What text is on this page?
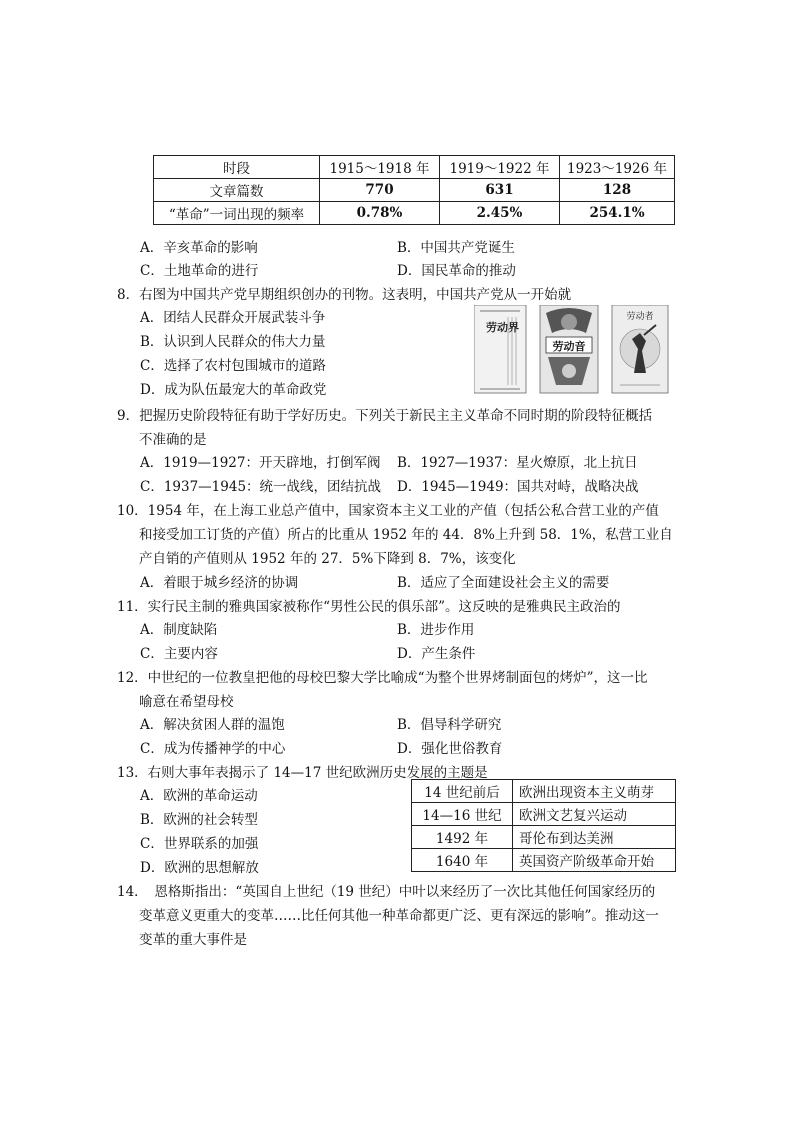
时段	1915～1918 年	1919～1922 年	1923～1926 年
文章篇数	770	631	128
“革命”一词出现的频率	0.78%	2.45%	254.1%
A．辛亥革命的影响	B．中国共产党诞生
C．土地革命的进行	D．国民革命的推动
8．右图为中国共产党早期组织创办的刊物。这表明，中国共产党从一开始就
A．团结人民群众开展武装斗争
B．认识到人民群众的伟大力量
C．选择了农村包围城市的道路
D．成为队伍最宠大的革命政党
劳动界
劳动音
劳动者
9．把握历史阶段特征有助于学好历史。下列关于新民主主义革命不同时期的阶段特征概括
不准确的是
A．1919—1927：开天辟地，打倒军阀 B．1927—1937：星火燎原，北上抗日
C．1937—1945：统一战线，团结抗战 D．1945—1949：国共对峙，战略决战
10．1954 年，在上海工业总产值中，国家资本主义工业的产值（包括公私合营工业的产值
和接受加工订货的产值）所占的比重从 1952 年的 44．8%上升到 58．1%，私营工业自
产自销的产值则从 1952 年的 27．5%下降到 8．7%，该变化
A．着眼于城乡经济的协调	B．适应了全面建设社会主义的需要
11．实行民主制的雅典国家被称作“男性公民的俱乐部”。这反映的是雅典民主政治的
A．制度缺陷	B．进步作用
C．主要内容	D．产生条件
12．中世纪的一位教皇把他的母校巴黎大学比喻成“为整个世界烤制面包的烤炉”，这一比
喻意在希望母校
A．解决贫困人群的温饱	B．倡导科学研究
C．成为传播神学的中心	D．强化世俗教育
13．右则大事年表揭示了 14—17 世纪欧洲历史发展的主题是
A．欧洲的革命运动
B．欧洲的社会转型
C．世界联系的加强
D．欧洲的思想解放
14 世纪前后	欧洲出现资本主义萌芽
14—16 世纪	欧洲文艺复兴运动
1492 年	哥伦布到达美洲
1640 年	英国资产阶级革命开始
14．　恩格斯指出：“英国自上世纪（19 世纪）中叶以来经历了一次比其他任何国家经历的
变革意义更重大的变革……比任何其他一种革命都更广泛、更有深远的影响”。推动这一
变革的重大事件是
